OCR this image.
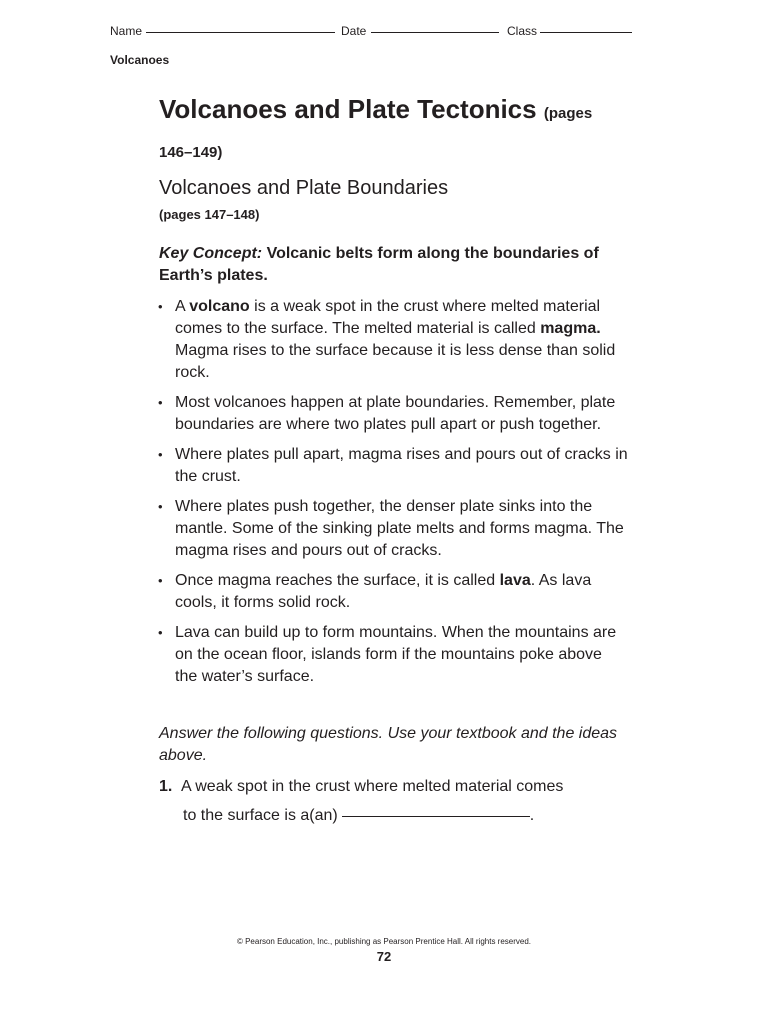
Name	Date	Class
Volcanoes
Volcanoes and Plate Tectonics (pages 146–149)
Volcanoes and Plate Boundaries
(pages 147–148)
Key Concept: Volcanic belts form along the boundaries of Earth’s plates.
• A volcano is a weak spot in the crust where melted material comes to the surface. The melted material is called magma. Magma rises to the surface because it is less dense than solid rock.
• Most volcanoes happen at plate boundaries. Remember, plate boundaries are where two plates pull apart or push together.
• Where plates pull apart, magma rises and pours out of cracks in the crust.
• Where plates push together, the denser plate sinks into the mantle. Some of the sinking plate melts and forms magma. The magma rises and pours out of cracks.
• Once magma reaches the surface, it is called lava. As lava cools, it forms solid rock.
• Lava can build up to form mountains. When the mountains are on the ocean floor, islands form if the mountains poke above the water’s surface.
Answer the following questions. Use your textbook and the ideas above.
1. A weak spot in the crust where melted material comes
to the surface is a(an)	.
© Pearson Education, Inc., publishing as Pearson Prentice Hall. All rights reserved.
72
